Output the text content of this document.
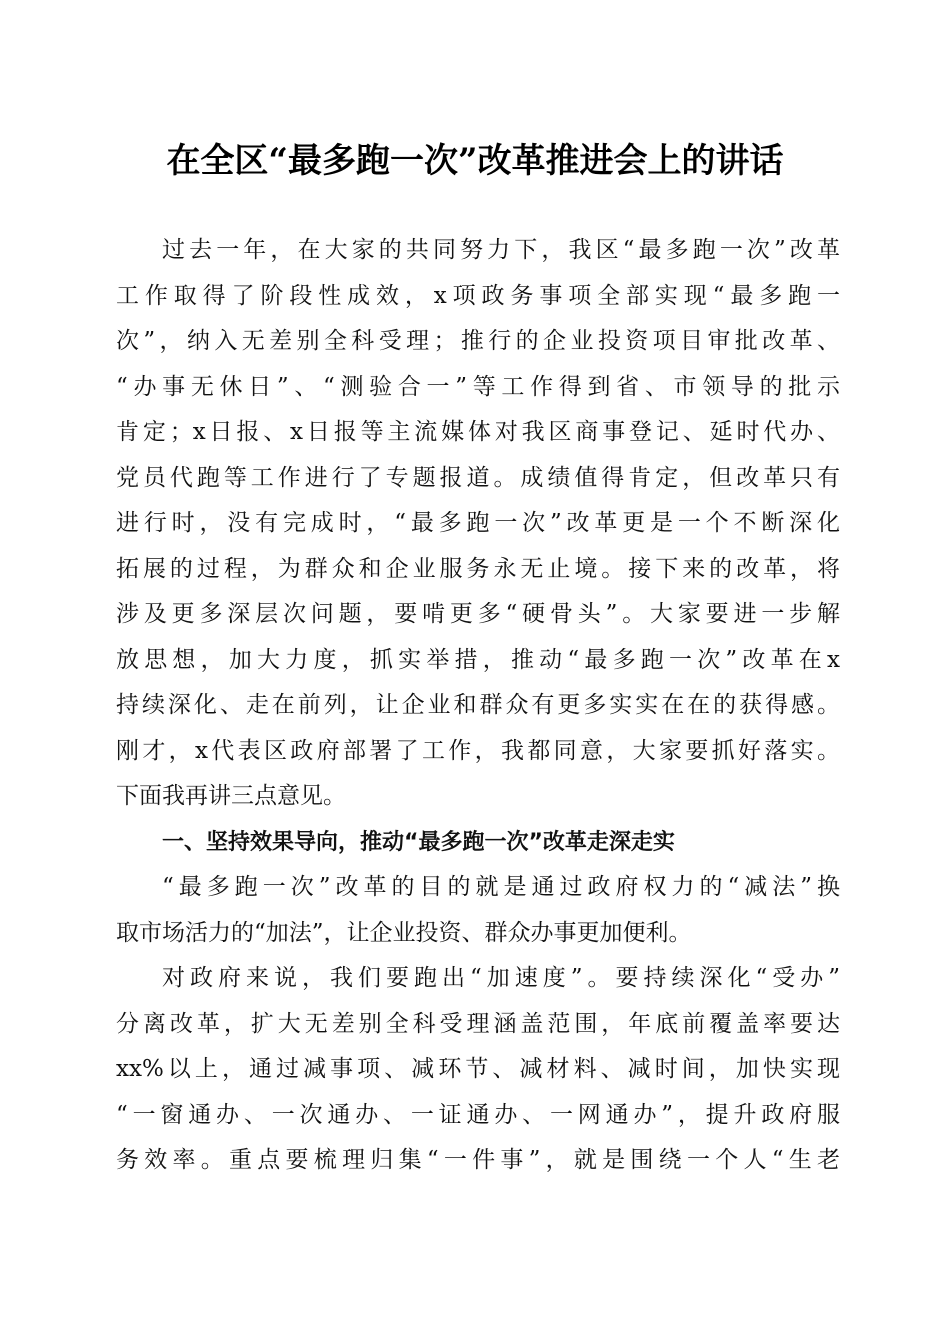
在全区“最多跑一次”改革推进会上的讲话
过去一年，在大家的共同努力下，我区“最多跑一次”改革
工作取得了阶段性成效，x项政务事项全部实现“最多跑一
次”，纳入无差别全科受理；推行的企业投资项目审批改革、
“办事无休日”、“测验合一”等工作得到省、市领导的批示
肯定；x日报、x日报等主流媒体对我区商事登记、延时代办、
党员代跑等工作进行了专题报道。成绩值得肯定，但改革只有
进行时，没有完成时，“最多跑一次”改革更是一个不断深化
拓展的过程，为群众和企业服务永无止境。接下来的改革，将
涉及更多深层次问题，要啃更多“硬骨头”。大家要进一步解
放思想，加大力度，抓实举措，推动“最多跑一次”改革在x
持续深化、走在前列，让企业和群众有更多实实在在的获得感。
刚才，x代表区政府部署了工作，我都同意，大家要抓好落实。
下面我再讲三点意见。
一、坚持效果导向，推动“最多跑一次”改革走深走实
“最多跑一次”改革的目的就是通过政府权力的“减法”换
取市场活力的“加法”，让企业投资、群众办事更加便利。
对政府来说，我们要跑出“加速度”。要持续深化“受办”
分离改革，扩大无差别全科受理涵盖范围，年底前覆盖率要达
xx%以上，通过减事项、减环节、减材料、减时间，加快实现
“一窗通办、一次通办、一证通办、一网通办”，提升政府服
务效率。重点要梳理归集“一件事”，就是围绕一个人“生老
